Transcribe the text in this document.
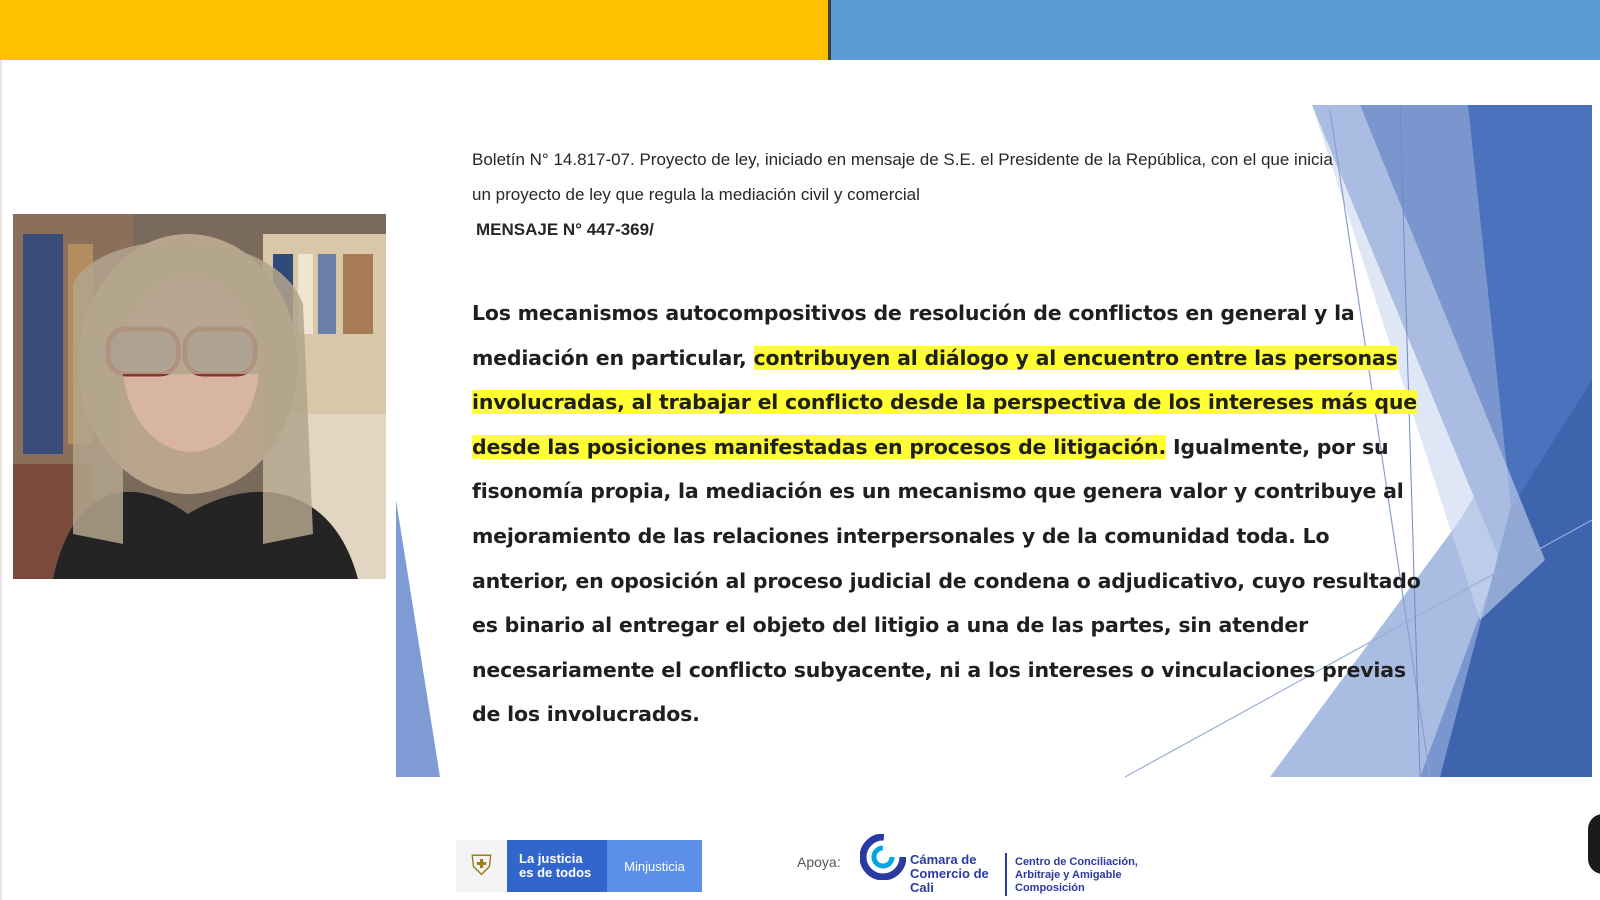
Boletín N° 14.817-07. Proyecto de ley, iniciado en mensaje de S.E. el Presidente de la República, con el que inicia
un proyecto de ley que regula la mediación civil y comercial

MENSAJE N° 447-369/

Los mecanismos autocompositivos de resolución de conflictos en general y la mediación en particular, contribuyen al diálogo y al encuentro entre las personas involucradas, al trabajar el conflicto desde la perspectiva de los intereses más que desde las posiciones manifestadas en procesos de litigación. Igualmente, por su fisonomía propia, la mediación es un mecanismo que genera valor y contribuye al mejoramiento de las relaciones interpersonales y de la comunidad toda. Lo anterior, en oposición al proceso judicial de condena o adjudicativo, cuyo resultado es binario al entregar el objeto del litigio a una de las partes, sin atender necesariamente el conflicto subyacente, ni a los intereses o vinculaciones previas de los involucrados.

⛨	La justicia
es de todos	Minjusticia	Apoya:	Cámara de
Comercio de
Cali
Centro de Conciliación,
Arbitraje y Amigable
Composición
